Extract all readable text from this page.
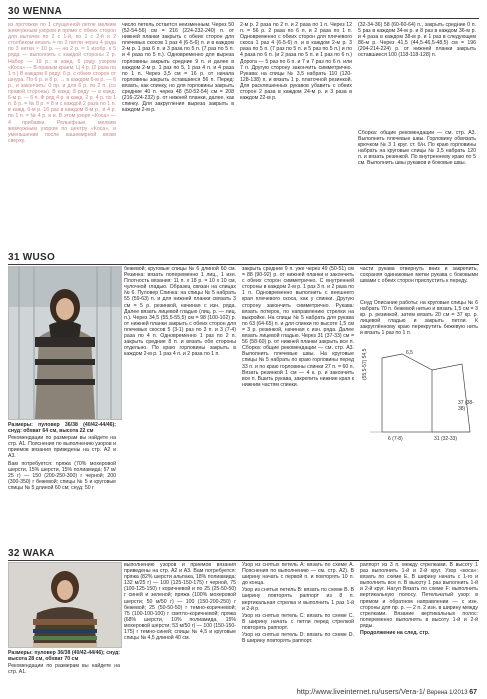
30 WENNA

из протяжки по 1 спущенной петле мелким жемчужным узором и прямо с обеих сторон для вытачек по 2 с 1-й, по 1 с 2-й и 2 столбиком вязать = по 2 петли через 4 ряда по 3 нитки × 10 р. — на 2 р. = 1 изобр. к 5 ряда — выполнить с каждой стороны 2 р. Набор — 19 р.; в кажд. 6 ряду узором «Коса» — В-правым краем. Ц 4 р. (2 раза по 1 п.) В каждом 6 ряду: 6 р. с обеих сторон от шнура. По 6 р. и 8 р. → в каждом 6-м р. — 6 р., и закончить: 0 пр. и для 6 р. по 2 п. (со правой стороны). В кажд. 8 ряду — в кажд. 6-м р. — 6 п. Ф ряд 4 р. в кажд. 2 р. 4 р. по 1 п. 8 р. = № 8 р. = 8 и с каждой 2 раза по 1 п. в кажд. 6-м р. 16 раз в каждом 8-м р., и 4 р. по 1 п. = № 4 р. и и. В этом узоре «Коса» — 4 прибавки. Рельефные, мелким жемчужным узором по центру «Коса», в уменьшении после кашемирной вязки сверху.

число петель остается неизменным. Через 50 (52-54-56) см = 216 (224-232-240) п. от нижней планки закрыть с обеих сторон для плечевых скосов 1 раз 4 (6-5-6) п. и в каждом 2-м р. 1 раз 6 п. и 3 раза по 5 п. (7 раз по 5 п. и 4 раза по 5 п.). Одновременно для выреза горловины закрыть средние 9 п. и далее в каждом 2-м р. 1 раз по 5, 1 раз 4 п. и 4 раза по 1 п. Через 3,5 см = 16 р. от начала горловины закрыть оставшиеся 56 п. Перед: вязать, как спинку, но для горловины закрыть средние 40 п. через 48 (50-52-54) см = 208 (216-224-232) р. от нижней планки, далее, как спинку. Для закругления выреза закрыть в каждом 2-м р.

2-м р. 2 раза по 2 п. и 2 раза по 1 п. Через 12 п. = 56 р. 2 раза по 6 п. и 2 раза по 1 п. Одновременно с обеих сторон для плечевого скоса 1 раз 4 (6-5-6) п. и в каждом 2-м р. 3 раза по 5 п. (7 раз по 5 п. и 5 раз по 5 п.) и по 4 раза по 6 п. (и 2 раза по 5 п. и 1 раз по 6 п.) Дорога — 5 раз по 6 п. и 7 и 7 раз по 6 п. или 7 п. Другую сторону закончить симметрично. Рукава: на спицы № 3,5 набрать 110 (120-128-138) п. и вязать 1 р. платочной резинкой. Для расклешенных рукавов убавить с обеих сторон 2 раза в каждом 24-м р. и 3 раза в каждом 22-м р.

(32-34-36) 58 (60-60-64) п., закрыть средние 0 п. 5 раз в каждом 34-м р. и 8 раз в каждом 36-м р. и 4 раза в каждом 38-м р. и 1 раз в следующем 86-м р. Через 41,5 (44,5-46,5-48,5) см = 196 (204-214-224) р. от нижней планки закрыть оставшиеся 100 (118-118-128) п.

Сборка: общие рекомендации — см. стр. А3. Выполнить плечевые швы. Горловину обвязать крючком № 3 1 круг. ст. б/н. По краю горловины набрать на круговые спицы № 3,5 набрать 120 п. и вязать резинкой. По внутреннему краю по 5 см. Выполнить швы рукавов и боковые швы.

31 WUSO

Размеры: пуловер 36/38 (40/42-44/46); снуд: обхват 64 см, высота 22 см

Рекомендации по размерам вы найдете на стр. А1. Пояснения по выполнению узоров и приемов вязания приведены на стр. А2 и А3.

Вам потребуется: пряжа (70% мохеровой шерсти, 15% шерсти, 15% полиамида; 57 м/ 25 г) — 150 (200-250-300) г черной; 200 (300-350) г бежевой; спицы № 5 и круговые спицы № 5 длиной 60 см; снуд: 50 г

бежевой; круговые спицы № 6 длиной 60 см. Резинка: вязать попеременно 1 лиц., 1 изн. Плотность вязания: 11 п. х 18 р. = 10 х 10 см, чулочной гладью. Образец связан на спицах № 6. Пуловер Спинка: на спицы № 5 набрать 55 (59-63) п. и для нижней планки связать 3 см = 5 р. резинкой, начиная с изн. ряда. Далее вязать лицевой гладью (лиц. р. — лиц. п.). Через 34,5 (55,5-55,5) см = 98 (100-102) р. от нижней планки закрыть с обеих сторон для плечевых скосов 5 (3-1) раз по 3 п. и 3 (7-4) раза по 4 п. Одновременно 1 раз по 2 п. закрыть средние 8 п. и вязать обе стороны отдельно. По краю горловины закрыть в каждом 2-м р. 1 раз 4 п. и 2 раза по 1 п.

закрыть средние 9 п. уже через 49 (50-51) см = 88 (90-92) р. от нижней планки и закончить с обеих сторон симметрично. С внутренней стороны в каждом 2-м р. 1 раз 3 п. и 2 раза по 1 п. Одновременно выполнить с внешнего края плечевого скоса, как у спинки. Другую сторону закончить симметрично. Рукава: вязать потерок, по направлению стрелки на выкройке. На спицы № 5 набрать для рукава по 63 (64-65) п. и для спинки по высоте 1,5 см = 3 р. резинкой, начиная с изн. ряда. Далее вязать лицевой гладью. Через 31 (37-33) см = 56 (58-60) р. от нижней планки закрыть все п. Сборка: общие рекомендации — см. стр. А3. Выполнить плечевые швы. На круговые спицы № 5 набрать по краю горловины перед 33 п. и по краю горловины спинки 27 п. = 60 п. Вязать резинкой 1 см — 4 к. р. и закончить все п. Вшить рукава, закрепить нижние края к нижним частям спинки.

части рукава отвернуть вниз и закрепить, сохраняя одинаковые метки рукава с боковыми швами с обеих сторон приспустить к переду.

Снуд Описание работы: на круговые спицы № 6 набрать 70 п. бежевой нитью и вязать 1,5 см = 3 кр. р. резинкой, затем вязать 20 см = 37 кр. р. лицевой гладью и закрыть петли. К закруглённому краю перекрутить бежевую нить и вязать 1 раз по 1 п.

(55,5-57) 54,5
37 (38-38)
31 (32-33)
6 (7-8)
6,5
32 WAKA

Размеры: пуловер 36/38 (40/42-44/46); снуд: высота 28 см, обхват 70 см

Рекомендации по размерам вы найдете на стр. А1.

выполнению узоров и приемов вязания приведены на стр. А2 и А3. Вам потребуется: пряжа (82% шерсти альпака, 18% полиамида; 132 м/25 г) — 100 (125-150-175) г черной, 75 (100-125-150) г коричневой и по 25 (25-50-50) г синей и зеленой; пряжа (100% мохеровой шерсти; 50 м/50 г) — 100 (150-200-250) г бежевой; 25 (50-50-50) г темно-коричневой; 75 (100-100-100) г светло-коричневой; пряжа (68% шерсти, 10% полиамида, 15% мохеровой шерсти; 53 м/50 г) — 100 (150-150-175) г темно-синей; спицы № 4,5 и круговые спицы № 4,5 длиной 40 см.

Узор из снятых петель А: вязать по схеме А. Пояснения по выполнению — см. стр. А2). В ширину начать с первой п. и повторять 10 п. до конца.

Узор из снятых петель В: вязать по схеме В. В ширину повторять раппорт из 8 п. вертикальная стрелка и выполнить 1 раз 1-й и 2-й р.

Узор из снятых петель С: вязать по схеме С. В ширину начать с петли перед стрелкой повторять раппорт.

Узор из снятых петель D: вязать по схеме D. В ширину повторять раппорт.

раппорт из 3 п. между стрелками. В высоту 1 раз выполнить 1-й и 2-й круг. Узор «коса»: вязать по схеме Е. В ширину начать с 1-го и выполнить все п. В высоту 1 раз выполнить 1-й и 2-й круг. Нагул Вязать по схеме F: выполнить вертикальную полосу. Петельчатый узор: в прямом и обратном направлении — с изн. стороны для пр. p. — 2 п. 2 изн. в ширину между стрелками. Вязание вертикальных полос: попеременно выполнять в высоту 1-й и 2-й ряды.

Продолжение на след. стр.

http://www.liveinternet.ru/users/Vera-1/ Верена 1/2013 67
